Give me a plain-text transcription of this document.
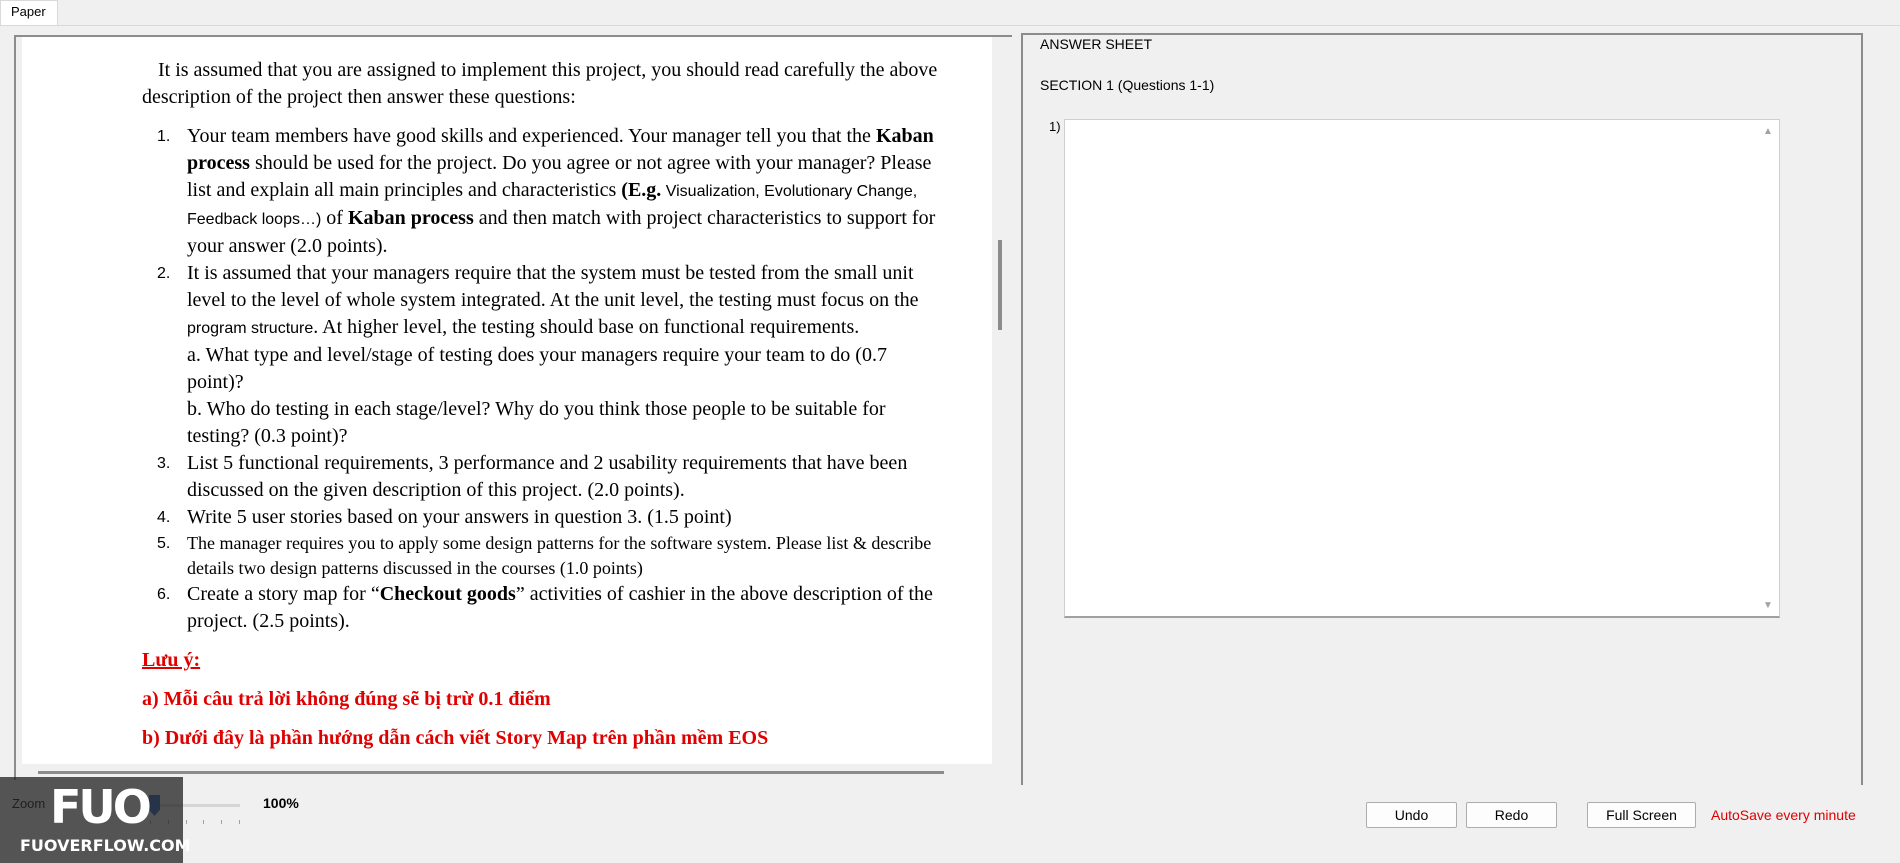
Paper

It is assumed that you are assigned to implement this project, you should read carefully the above description of the project then answer these questions:

1. Your team members have good skills and experienced. Your manager tell you that the Kaban process should be used for the project. Do you agree or not agree with your manager? Please list and explain all main principles and characteristics (E.g. Visualization, Evolutionary Change, Feedback loops…) of Kaban process and then match with project characteristics to support for your answer (2.0 points).
2. It is assumed that your managers require that the system must be tested from the small unit level to the level of whole system integrated. At the unit level, the testing must focus on the program structure. At higher level, the testing should base on functional requirements.
a. What type and level/stage of testing does your managers require your team to do (0.7 point)?
b. Who do testing in each stage/level? Why do you think those people to be suitable for testing? (0.3 point)?
3. List 5 functional requirements, 3 performance and 2 usability requirements that have been discussed on the given description of this project. (2.0 points).
4. Write 5 user stories based on your answers in question 3. (1.5 point)
5. The manager requires you to apply some design patterns for the software system. Please list & describe details two design patterns discussed in the courses (1.0 points)
6. Create a story map for “Checkout goods” activities of cashier in the above description of the project. (2.5 points).
Lưu ý:
a) Mỗi câu trả lời không đúng sẽ bị trừ 0.1 điểm
b) Dưới đây là phần hướng dẫn cách viết Story Map trên phần mềm EOS
ANSWER SHEET
SECTION 1 (Questions 1-1)
1)	▲
▼
100%
Undo	Redo	Full Screen	AutoSave every minute
FUO
FUOVERFLOW.COM
